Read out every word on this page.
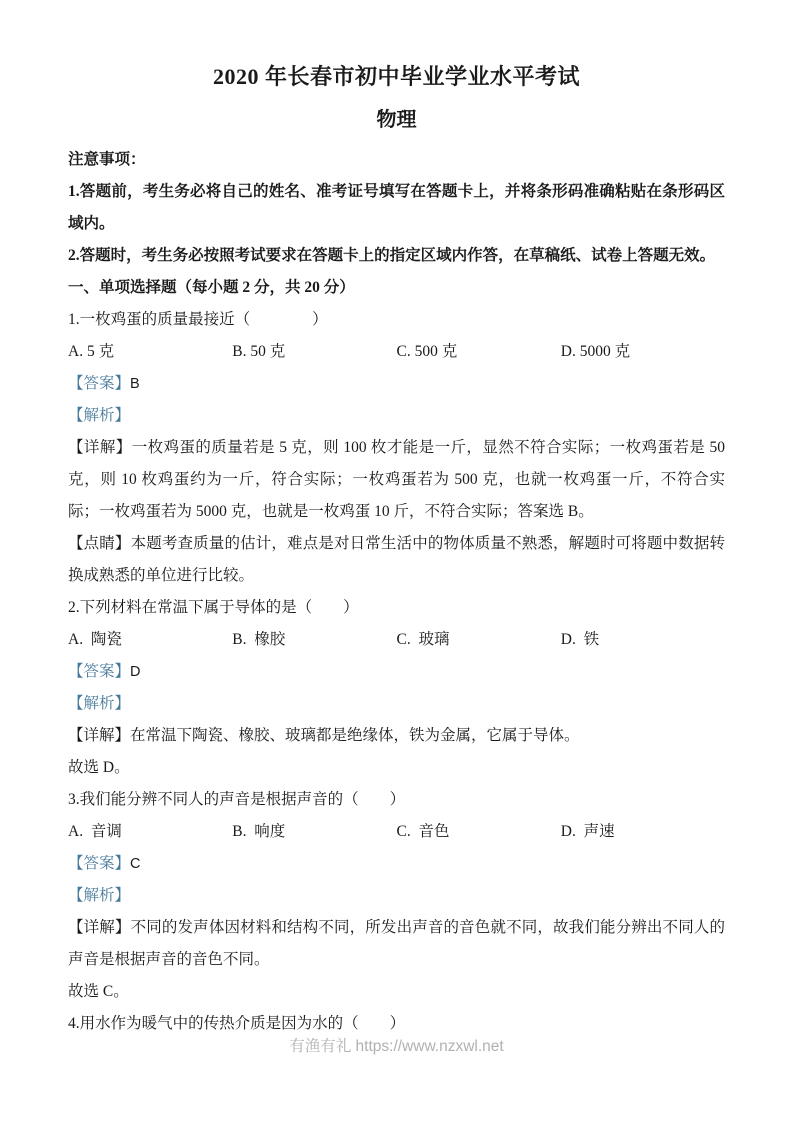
2020 年长春市初中毕业学业水平考试
物理

注意事项：

1.答题前，考生务必将自己的姓名、准考证号填写在答题卡上，并将条形码准确粘贴在条形码区域内。

2.答题时，考生务必按照考试要求在答题卡上的指定区域内作答，在草稿纸、试卷上答题无效。

一、单项选择题（每小题 2 分，共 20 分）

1.一枚鸡蛋的质量最接近（　　　　）

A. 5 克	B. 50 克	C. 500 克	D. 5000 克

【答案】B

【解析】

【详解】一枚鸡蛋的质量若是 5 克，则 100 枚才能是一斤，显然不符合实际；一枚鸡蛋若是 50 克，则 10 枚鸡蛋约为一斤，符合实际；一枚鸡蛋若为 500 克，也就一枚鸡蛋一斤，不符合实际；一枚鸡蛋若为 5000 克，也就是一枚鸡蛋 10 斤，不符合实际；答案选 B。

【点睛】本题考查质量的估计，难点是对日常生活中的物体质量不熟悉，解题时可将题中数据转换成熟悉的单位进行比较。

2.下列材料在常温下属于导体的是（　　）

A.  陶瓷	B.  橡胶	C.  玻璃	D.  铁

【答案】D

【解析】

【详解】在常温下陶瓷、橡胶、玻璃都是绝缘体，铁为金属，它属于导体。

故选 D。

3.我们能分辨不同人的声音是根据声音的（　　）

A.  音调	B.  响度	C.  音色	D.  声速

【答案】C

【解析】

【详解】不同的发声体因材料和结构不同，所发出声音的音色就不同，故我们能分辨出不同人的声音是根据声音的音色不同。

故选 C。

4.用水作为暖气中的传热介质是因为水的（　　）

有渔有礼 https://www.nzxwl.net
